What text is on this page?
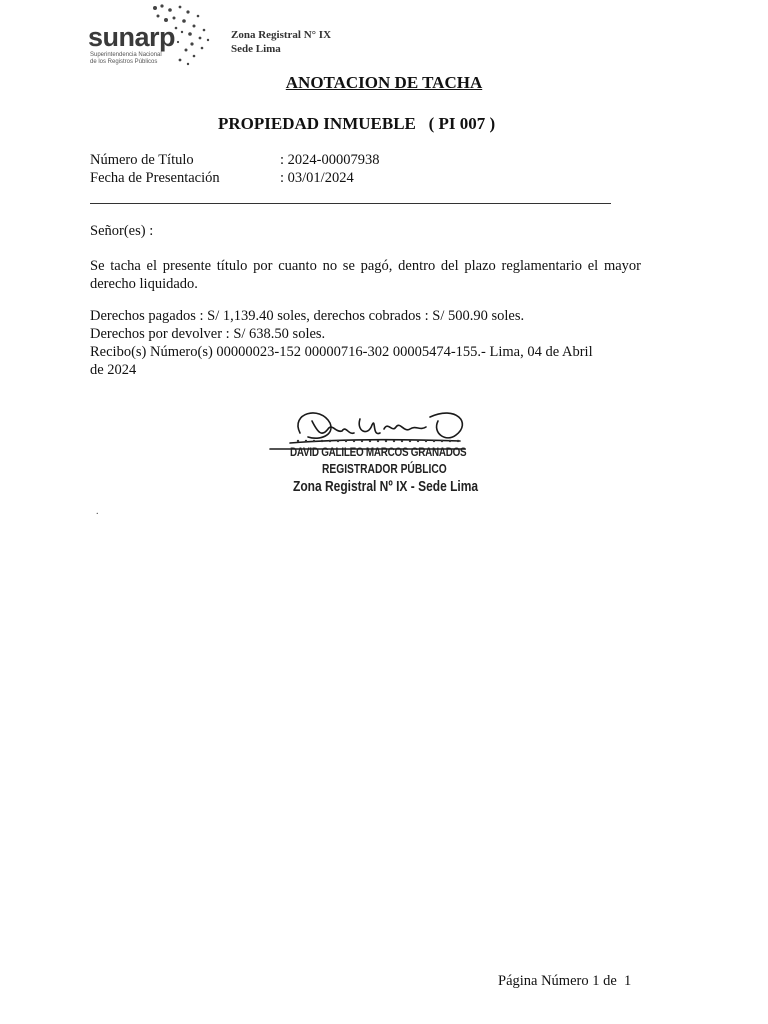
sunarp
Superintendencia Nacional
de los Registros Públicos
Zona Registral N° IX
Sede Lima
ANOTACION DE TACHA
PROPIEDAD INMUEBLE   ( PI 007 )
Número de Título	: 2024-00007938
Fecha de Presentación	: 03/01/2024
Señor(es) :
Se tacha el presente título por cuanto no se pagó, dentro del plazo reglamentario el mayor derecho liquidado.
Derechos pagados : S/ 1,139.40 soles, derechos cobrados : S/ 500.90 soles.
Derechos por devolver : S/ 638.50 soles.
Recibo(s) Número(s) 00000023-152 00000716-302 00005474-155.- Lima, 04 de Abril
de 2024
DAVID GALILEO MARCOS GRANADOS
REGISTRADOR PÚBLICO
Zona Registral Nº IX - Sede Lima
.
Página Número 1 de  1
